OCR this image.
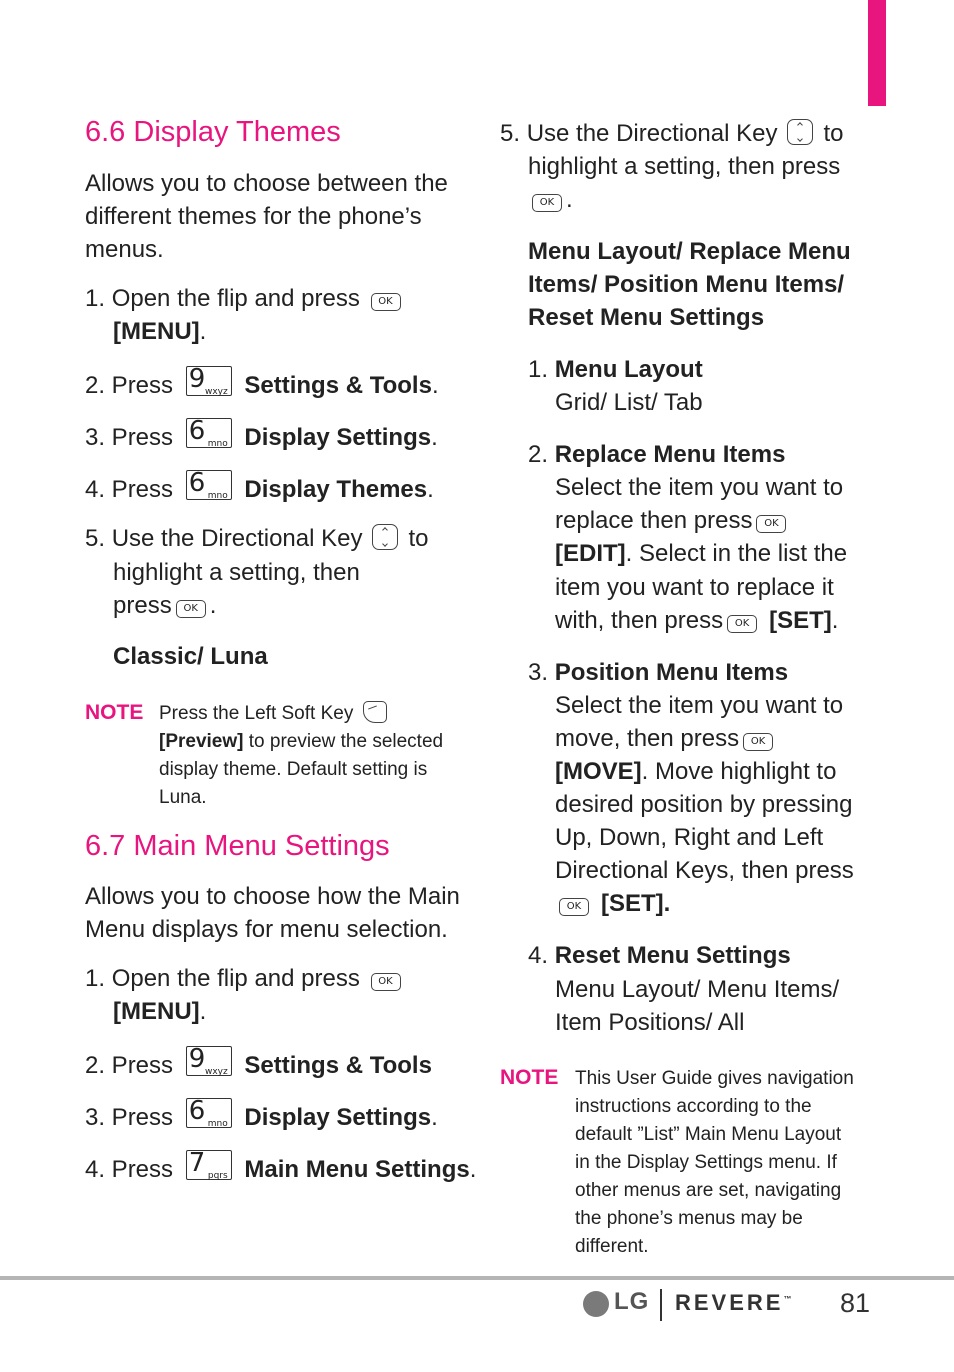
6.6 Display Themes
Allows you to choose between the
different themes for the phone’s
menus.
1. Open the flip and press OK
[MENU].
2. Press 9 wxyz Settings & Tools.
3. Press 6 mno Display Settings.
4. Press 6 mno Display Themes.
5. Use the Directional Key to
highlight a setting, then
press OK .
Classic/ Luna
NOTE Press the Left Soft Key
[Preview] to preview the selected
display theme. Default setting is
Luna.
6.7 Main Menu Settings
Allows you to choose how the Main
Menu displays for menu selection.
1. Open the flip and press OK
[MENU].
2. Press 9 wxyz Settings & Tools
3. Press 6 mno Display Settings.
4. Press 7 pqrs Main Menu Settings.
5. Use the Directional Key to
highlight a setting, then press
OK .
Menu Layout/ Replace Menu
Items/ Position Menu Items/
Reset Menu Settings
1. Menu Layout
Grid/ List/ Tab
2. Replace Menu Items
Select the item you want to
replace then press OK
[EDIT]. Select in the list the
item you want to replace it
with, then press OK [SET].
3. Position Menu Items
Select the item you want to
move, then press OK
[MOVE]. Move highlight to
desired position by pressing
Up, Down, Right and Left
Directional Keys, then press
OK [SET].
4. Reset Menu Settings
Menu Layout/ Menu Items/
Item Positions/ All
NOTE This User Guide gives navigation
instructions according to the
default ”List” Main Menu Layout
in the Display Settings menu. If
other menus are set, navigating
the phone’s menus may be
different.
LG REVERE™ 81
